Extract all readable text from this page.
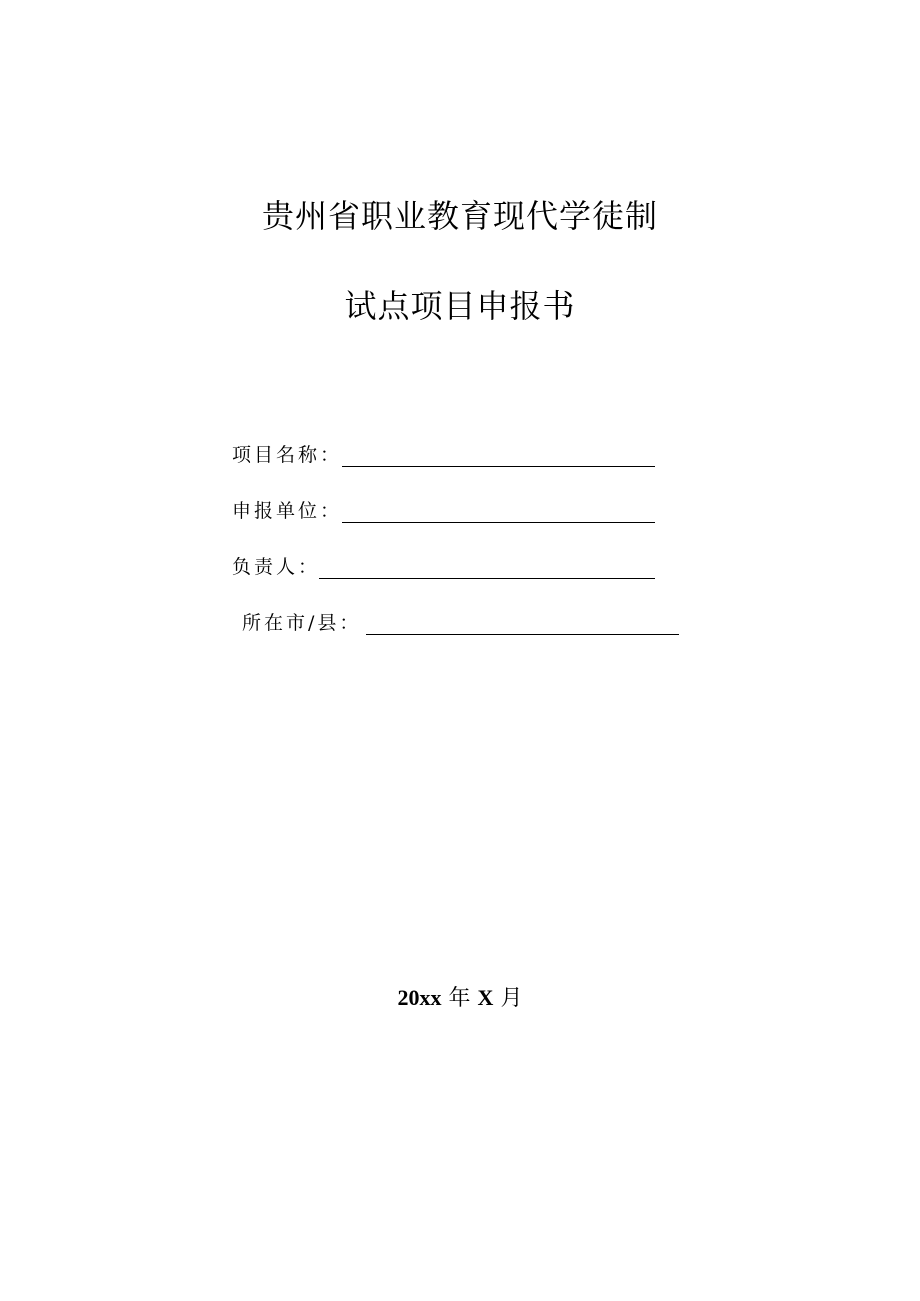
贵州省职业教育现代学徒制
试点项目申报书
项目名称：
申报单位：
负责人：
所在市/县：
20xx 年 X 月
